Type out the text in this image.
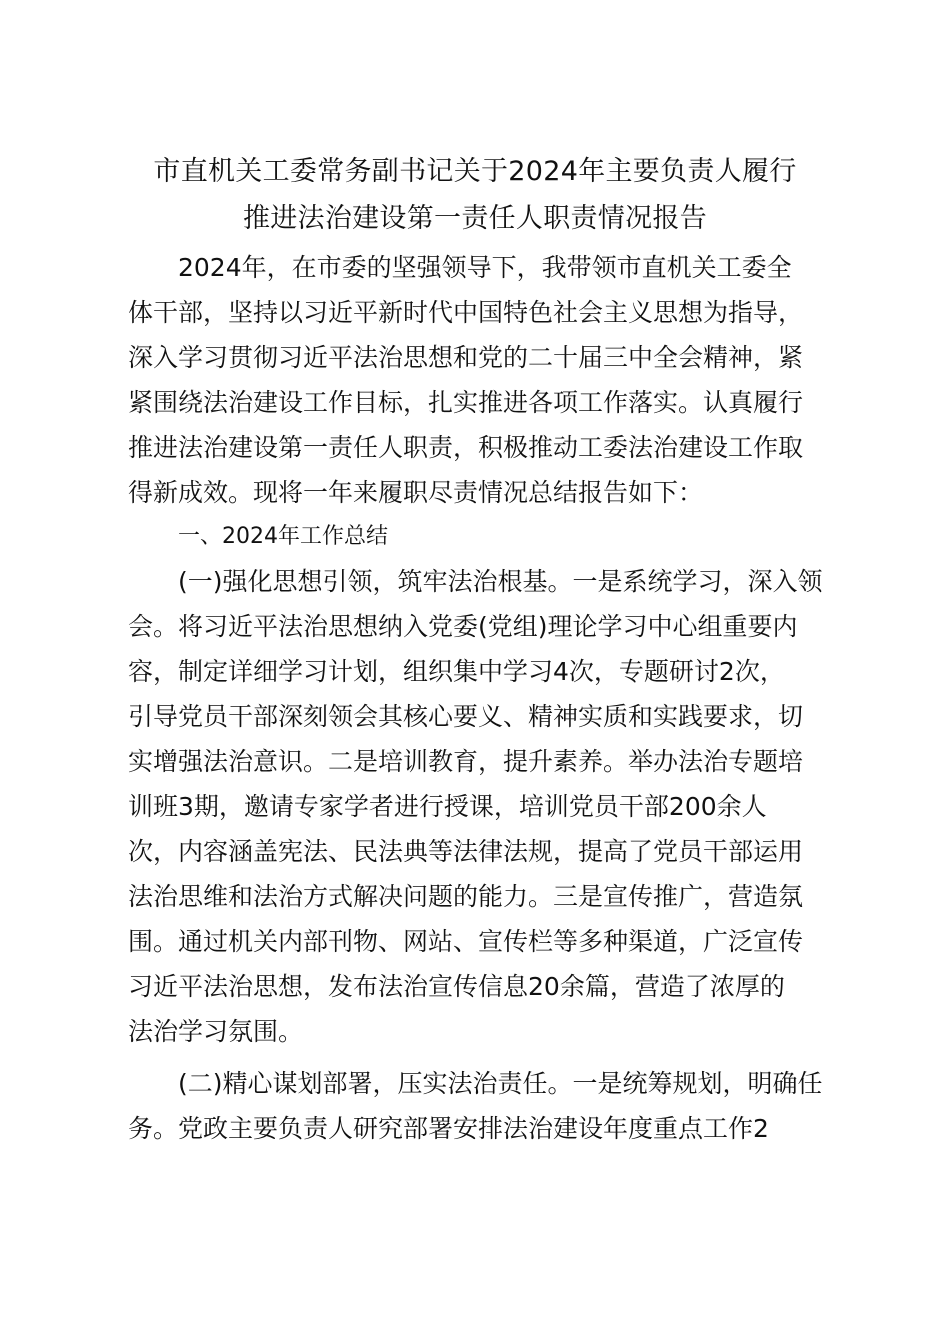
市直机关工委常务副书记关于2024年主要负责人履行
推进法治建设第一责任人职责情况报告
2024年，在市委的坚强领导下，我带领市直机关工委全
体干部，坚持以习近平新时代中国特色社会主义思想为指导，
深入学习贯彻习近平法治思想和党的二十届三中全会精神，紧
紧围绕法治建设工作目标，扎实推进各项工作落实。认真履行
推进法治建设第一责任人职责，积极推动工委法治建设工作取
得新成效。现将一年来履职尽责情况总结报告如下：
一、2024年工作总结
(一)强化思想引领，筑牢法治根基。一是系统学习，深入领
会。将习近平法治思想纳入党委(党组)理论学习中心组重要内
容，制定详细学习计划，组织集中学习4次，专题研讨2次，
引导党员干部深刻领会其核心要义、精神实质和实践要求，切
实增强法治意识。二是培训教育，提升素养。举办法治专题培
训班3期，邀请专家学者进行授课，培训党员干部200余人
次，内容涵盖宪法、民法典等法律法规，提高了党员干部运用
法治思维和法治方式解决问题的能力。三是宣传推广，营造氛
围。通过机关内部刊物、网站、宣传栏等多种渠道，广泛宣传
习近平法治思想，发布法治宣传信息20余篇，营造了浓厚的
法治学习氛围。
(二)精心谋划部署，压实法治责任。一是统筹规划，明确任
务。党政主要负责人研究部署安排法治建设年度重点工作2
